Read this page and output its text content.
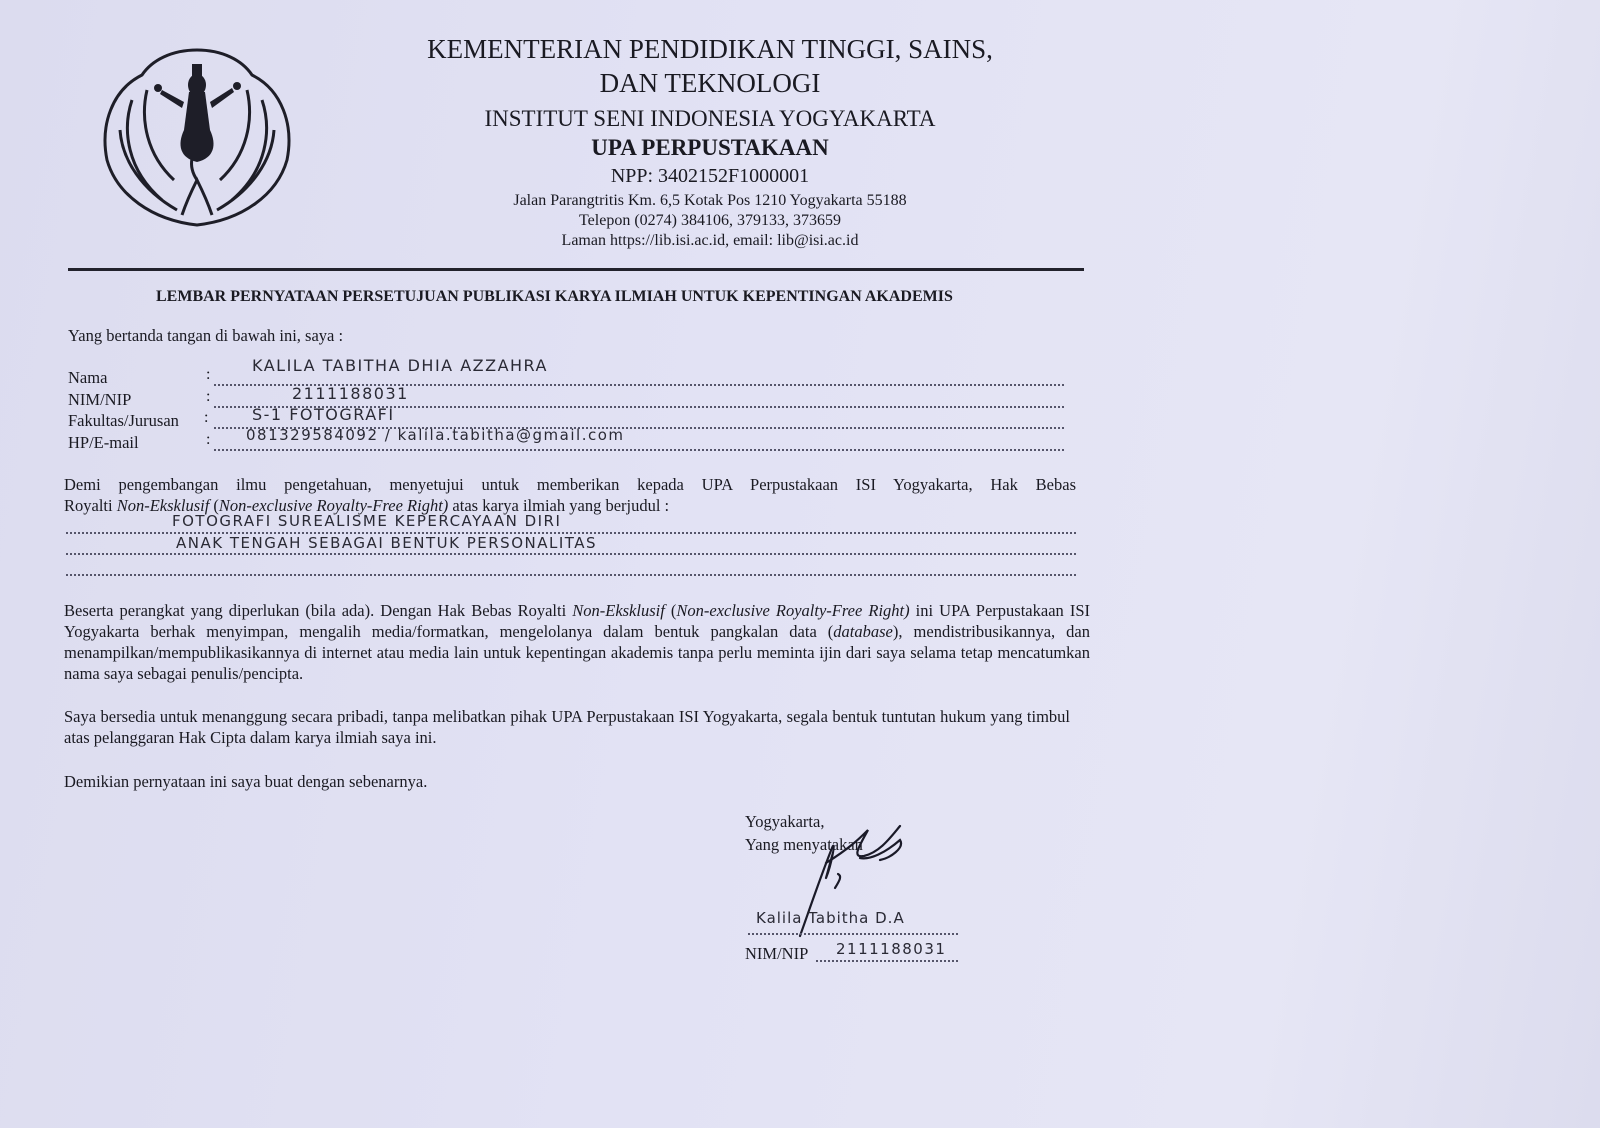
KEMENTERIAN PENDIDIKAN TINGGI, SAINS,
DAN TEKNOLOGI
INSTITUT SENI INDONESIA YOGYAKARTA
UPA PERPUSTAKAAN
NPP: 3402152F1000001
Jalan Parangtritis Km. 6,5 Kotak Pos 1210 Yogyakarta 55188
Telepon (0274) 384106, 379133, 373659
Laman https://lib.isi.ac.id, email: lib@isi.ac.id
LEMBAR PERNYATAAN PERSETUJUAN PUBLIKASI KARYA ILMIAH UNTUK KEPENTINGAN AKADEMIS
Yang bertanda tangan di bawah ini, saya :
Nama	:	KALILA TABITHA DHIA AZZAHRA
NIM/NIP	:	2111188031
Fakultas/Jurusan :	S-1 FOTOGRAFI
HP/E-mail	: 081329584092 / kalila.tabitha@gmail.com
Demi pengembangan ilmu pengetahuan, menyetujui untuk memberikan kepada UPA Perpustakaan ISI Yogyakarta, Hak Bebas
Royalti Non-Eksklusif (Non-exclusive Royalty-Free Right) atas karya ilmiah yang berjudul :
FOTOGRAFI SUREALISME KEPERCAYAAN DIRI
ANAK TENGAH SEBAGAI BENTUK PERSONALITAS
Beserta perangkat yang diperlukan (bila ada). Dengan Hak Bebas Royalti Non-Eksklusif (Non-exclusive Royalty-Free Right) ini UPA Perpustakaan ISI Yogyakarta berhak menyimpan, mengalih media/formatkan, mengelolanya dalam bentuk pangkalan data (database), mendistribusikannya, dan menampilkan/mempublikasikannya di internet atau media lain untuk kepentingan akademis tanpa perlu meminta ijin dari saya selama tetap mencatumkan nama saya sebagai penulis/pencipta.
Saya bersedia untuk menanggung secara pribadi, tanpa melibatkan pihak UPA Perpustakaan ISI Yogyakarta, segala bentuk tuntutan hukum yang timbul atas pelanggaran Hak Cipta dalam karya ilmiah saya ini.
Demikian pernyataan ini saya buat dengan sebenarnya.
Yogyakarta,
Yang menyatakan
Kalila Tabitha D.A
NIM/NIP 2111188031
